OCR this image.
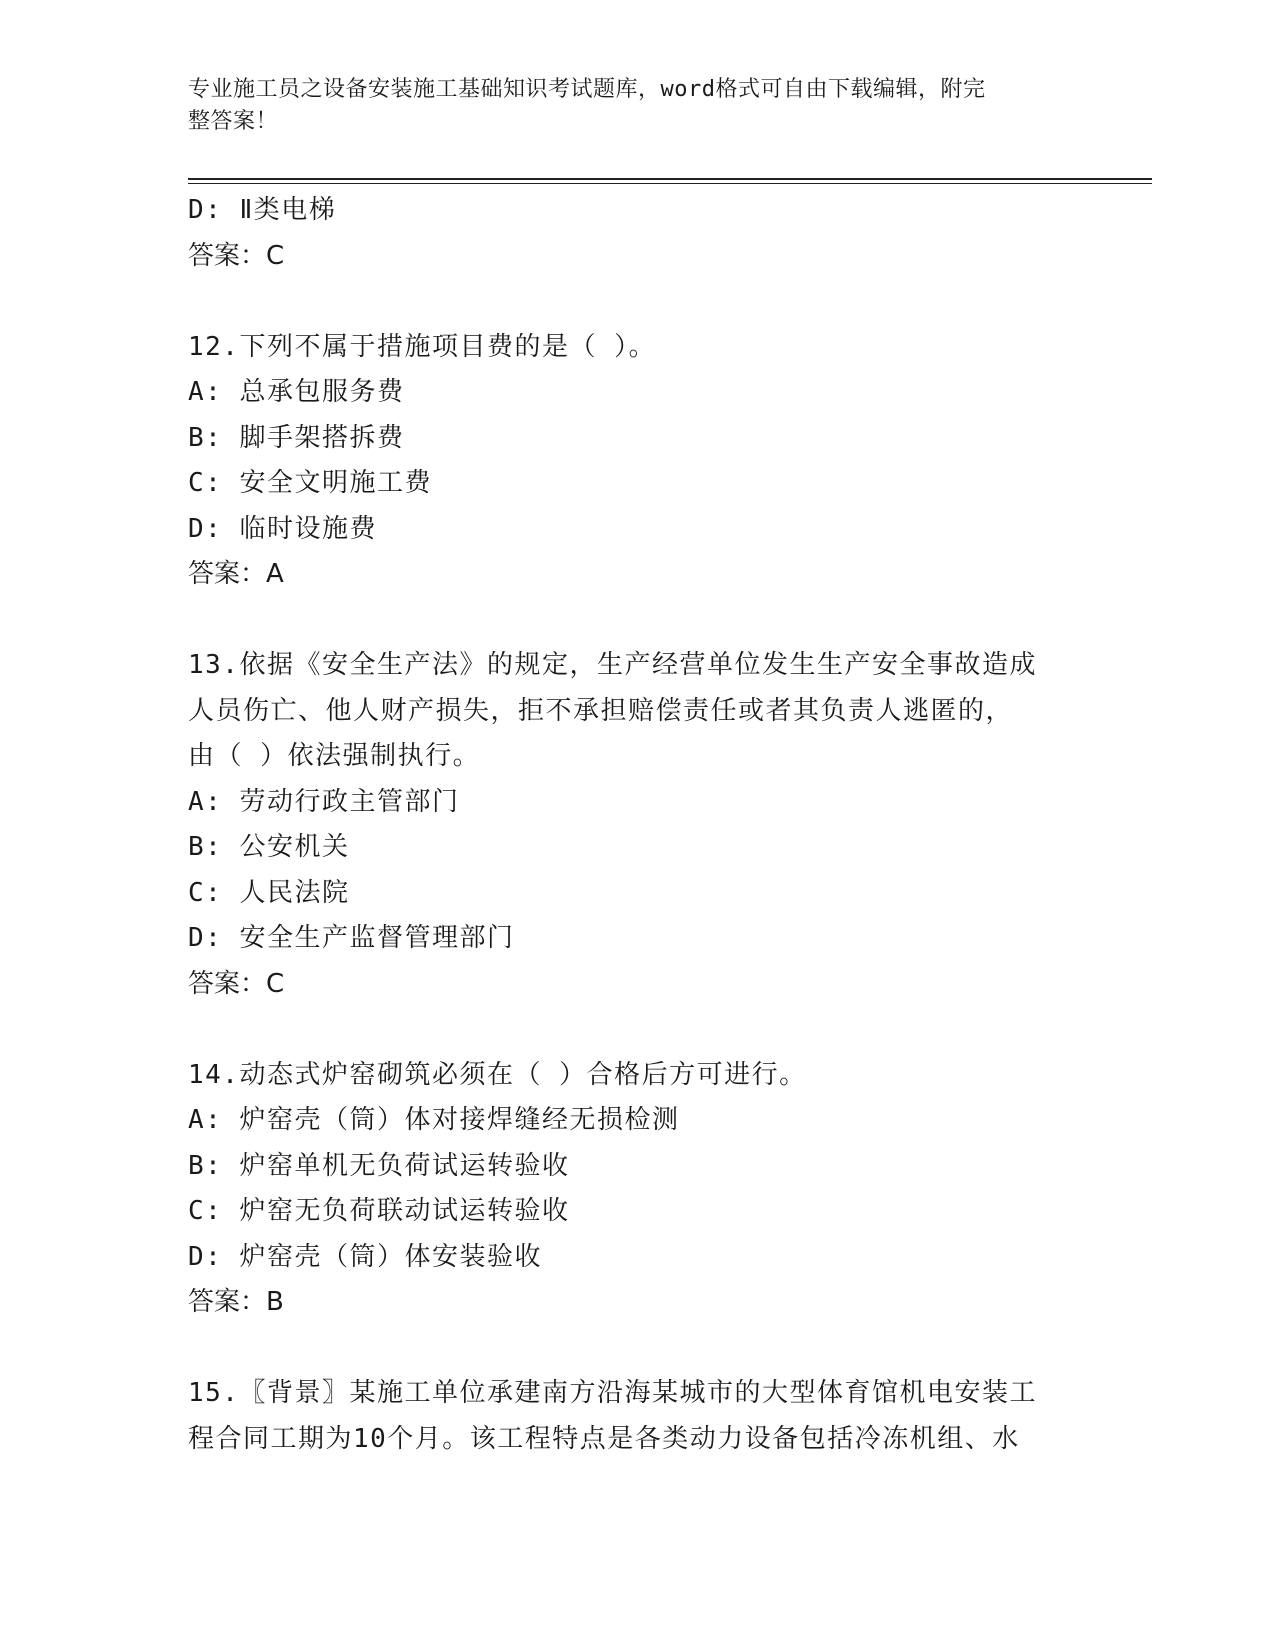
专业施工员之设备安装施工基础知识考试题库，word格式可自由下载编辑，附完
整答案！
D: Ⅱ类电梯
答案：C
12.下列不属于措施项目费的是（ ）。
A: 总承包服务费
B: 脚手架搭拆费
C: 安全文明施工费
D: 临时设施费
答案：A
13.依据《安全生产法》的规定，生产经营单位发生生产安全事故造成
人员伤亡、他人财产损失，拒不承担赔偿责任或者其负责人逃匿的，
由（ ）依法强制执行。
A: 劳动行政主管部门
B: 公安机关
C: 人民法院
D: 安全生产监督管理部门
答案：C
14.动态式炉窑砌筑必须在（ ）合格后方可进行。
A: 炉窑壳（筒）体对接焊缝经无损检测
B: 炉窑单机无负荷试运转验收
C: 炉窑无负荷联动试运转验收
D: 炉窑壳（筒）体安装验收
答案：B
15.〖背景〗某施工单位承建南方沿海某城市的大型体育馆机电安装工
程合同工期为10个月。该工程特点是各类动力设备包括冷冻机组、水
